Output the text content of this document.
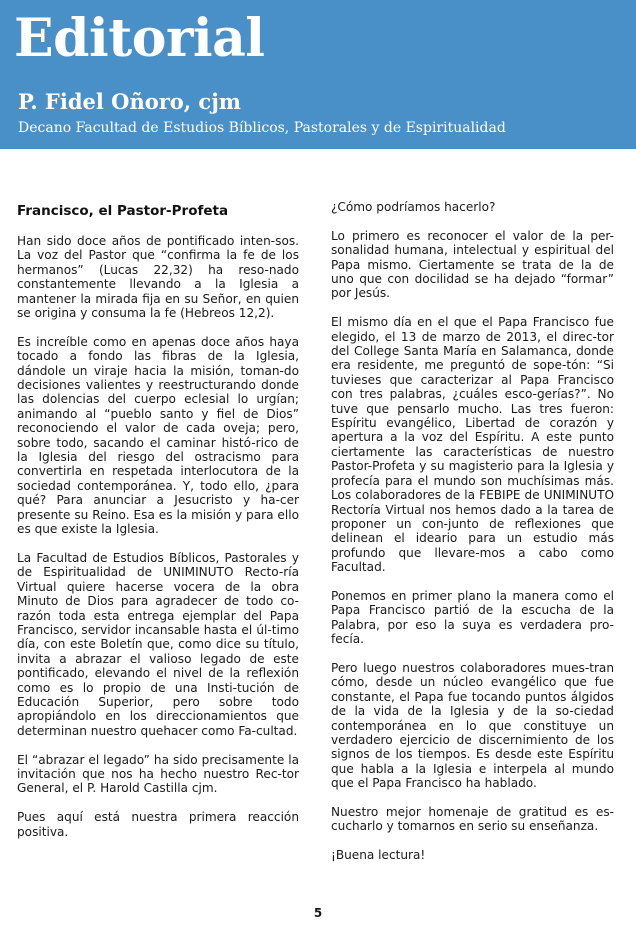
Editorial

P. Fidel Oñoro, cjm

Decano Facultad de Estudios Bíblicos, Pastorales y de Espiritualidad

Francisco, el Pastor-Profeta

Han sido doce años de pontificado inten-sos. La voz del Pastor que “confirma la fe de los hermanos” (Lucas 22,32) ha reso-nado constantemente llevando a la Iglesia a mantener la mirada fija en su Señor, en quien se origina y consuma la fe (Hebreos 12,2).

Es increíble como en apenas doce años haya tocado a fondo las fibras de la Iglesia, dándole un viraje hacia la misión, toman-do decisiones valientes y reestructurando donde las dolencias del cuerpo eclesial lo urgían; animando al “pueblo santo y fiel de Dios” reconociendo el valor de cada oveja; pero, sobre todo, sacando el caminar histó-rico de la Iglesia del riesgo del ostracismo para convertirla en respetada interlocutora de la sociedad contemporánea. Y, todo ello, ¿para qué? Para anunciar a Jesucristo y ha-cer presente su Reino. Esa es la misión y para ello es que existe la Iglesia.

La Facultad de Estudios Bíblicos, Pastorales y de Espiritualidad de UNIMINUTO Recto-ría Virtual quiere hacerse vocera de la obra Minuto de Dios para agradecer de todo co-razón toda esta entrega ejemplar del Papa Francisco, servidor incansable hasta el úl-timo día, con este Boletín que, como dice su título, invita a abrazar el valioso legado de este pontificado, elevando el nivel de la reflexión como es lo propio de una Insti-tución de Educación Superior, pero sobre todo apropiándolo en los direccionamientos que determinan nuestro quehacer como Fa-cultad.

El “abrazar el legado” ha sido precisamente la invitación que nos ha hecho nuestro Rec-tor General, el P. Harold Castilla cjm.

Pues aquí está nuestra primera reacción positiva.

¿Cómo podríamos hacerlo?

Lo primero es reconocer el valor de la per-sonalidad humana, intelectual y espiritual del Papa mismo. Ciertamente se trata de la de uno que con docilidad se ha dejado “formar” por Jesús.

El mismo día en el que el Papa Francisco fue elegido, el 13 de marzo de 2013, el direc-tor del College Santa María en Salamanca, donde era residente, me preguntó de sope-tón: “Si tuvieses que caracterizar al Papa Francisco con tres palabras, ¿cuáles esco-gerías?”. No tuve que pensarlo mucho. Las tres fueron: Espíritu evangélico, Libertad de corazón y apertura a la voz del Espíritu. A este punto ciertamente las características de nuestro Pastor-Profeta y su magisterio para la Iglesia y profecía para el mundo son muchísimas más. Los colaboradores de la FEBIPE de UNIMINUTO Rectoría Virtual nos hemos dado a la tarea de proponer un con-junto de reflexiones que delinean el ideario para un estudio más profundo que llevare-mos a cabo como Facultad.

Ponemos en primer plano la manera como el Papa Francisco partió de la escucha de la Palabra, por eso la suya es verdadera pro-fecía.

Pero luego nuestros colaboradores mues-tran cómo, desde un núcleo evangélico que fue constante, el Papa fue tocando puntos álgidos de la vida de la Iglesia y de la so-ciedad contemporánea en lo que constituye un verdadero ejercicio de discernimiento de los signos de los tiempos. Es desde este Espíritu que habla a la Iglesia e interpela al mundo que el Papa Francisco ha hablado.

Nuestro mejor homenaje de gratitud es es-cucharlo y tomarnos en serio su enseñanza.

¡Buena lectura!

5
